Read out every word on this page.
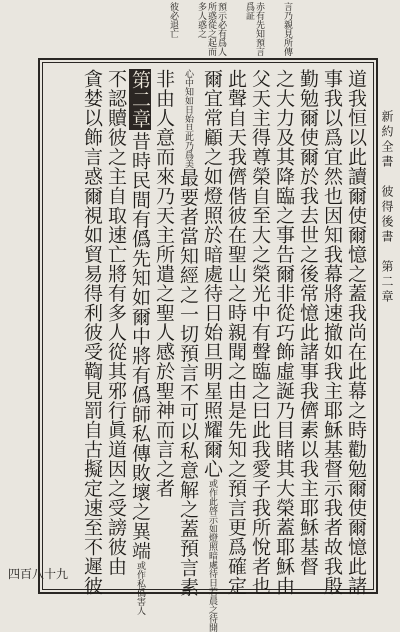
言乃親見所傳
赤有先知預言爲証
預示必有爲人所惑從之起而多人惑之
彼必退亡
新約全書　彼得後書　第二章
四百八十九	道我恒以此讀爾使爾憶之蓋我尚在此幕之時勸勉爾使爾憶此諸
事我以爲宜然也因知我幕將速撤如我主耶穌基督示我者故我殷
勤勉爾使爾於我去世之後常憶此諸事我儕素以我主耶穌基督
之大力及其降臨之事告爾非從巧飾虛誕乃目睹其大榮蓋耶穌由
父天主得尊榮自至大之榮光中有聲臨之曰此我愛子我所悅者也
此聲自天我儕偕彼在聖山之時親聞之由是先知之預言更爲確定
爾宜常顧之如燈照於暗處待日始旦明星照耀爾心或作此啓示如燈照暗處待日若晨之待開
心中知如日始旦此乃爲美最要者當知經之一切預言不可以私意解之蓋預言素
非由人意而來乃天主所遣之聖人感於聖神而言之者
第二章昔時民間有僞先知如爾中將有僞師私傳敗壞之異端或作私僞害人
不認贖彼之主自取速亡將有多人從其邪行眞道因之受謗彼由
貪婪以飾言惑爾視如貿易得利彼受鞫見罰自古擬定速至不遲彼
